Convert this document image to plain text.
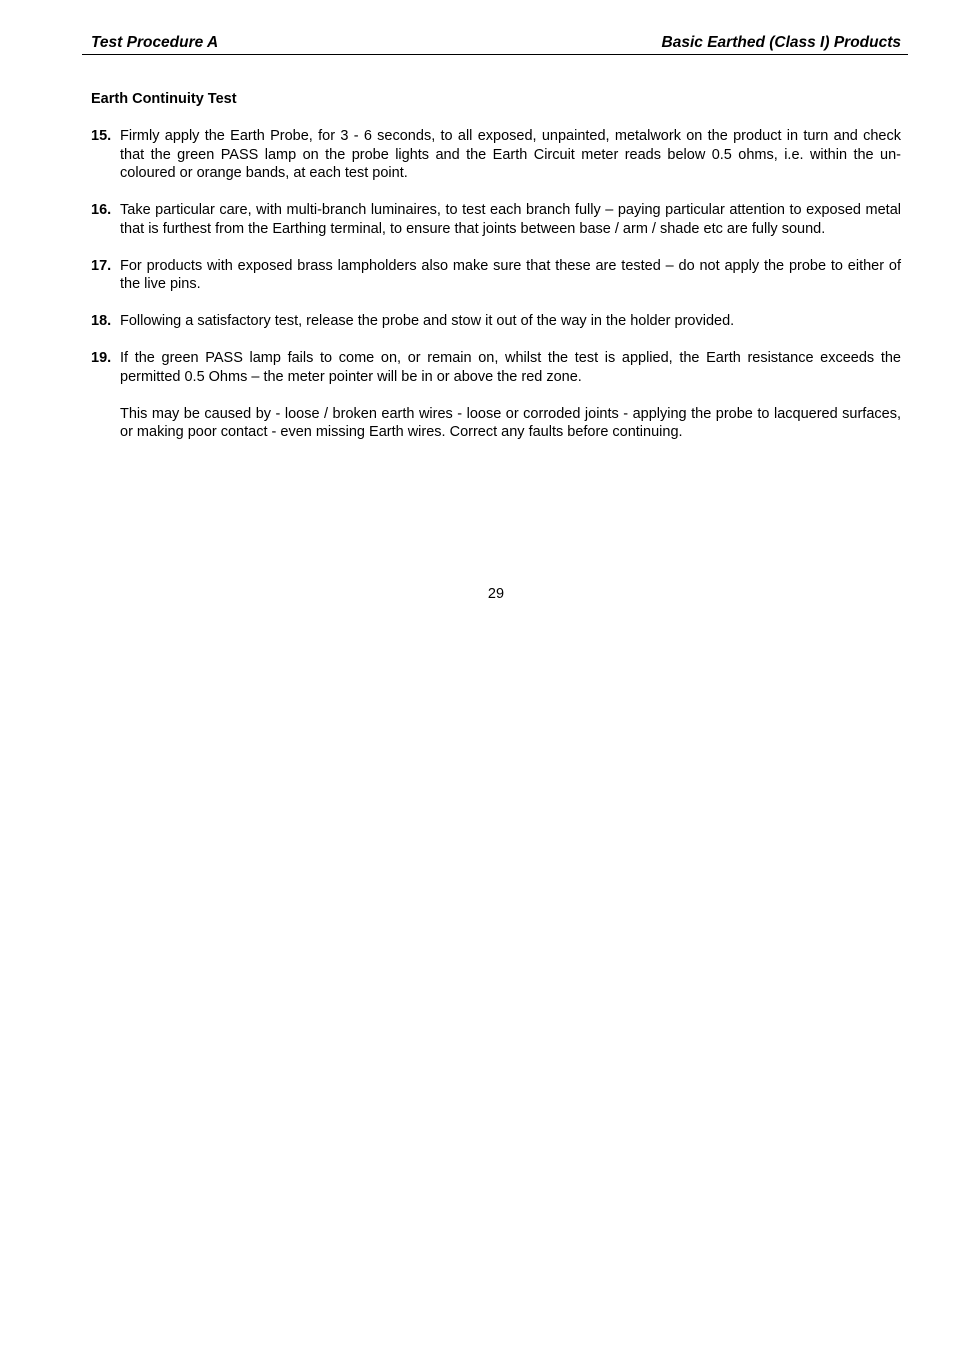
Test Procedure A	Basic Earthed (Class I) Products
Earth Continuity Test
15. Firmly apply the Earth Probe, for 3 - 6 seconds, to all exposed, unpainted, metalwork on the product in turn and check that the green PASS lamp on the probe lights and the Earth Circuit meter reads below 0.5 ohms, i.e. within the un-coloured or orange bands, at each test point.

16. Take particular care, with multi-branch luminaires, to test each branch fully – paying particular attention to exposed metal that is furthest from the Earthing terminal, to ensure that joints between base / arm / shade etc are fully sound.

17. For products with exposed brass lampholders also make sure that these are tested – do not apply the probe to either of the live pins.

18. Following a satisfactory test, release the probe and stow it out of the way in the holder provided.

19. If the green PASS lamp fails to come on, or remain on, whilst the test is applied, the Earth resistance exceeds the permitted 0.5 Ohms – the meter pointer will be in or above the red zone.

This may be caused by - loose / broken earth wires - loose or corroded joints - applying the probe to lacquered surfaces, or making poor contact - even missing Earth wires. Correct any faults before continuing.

29
